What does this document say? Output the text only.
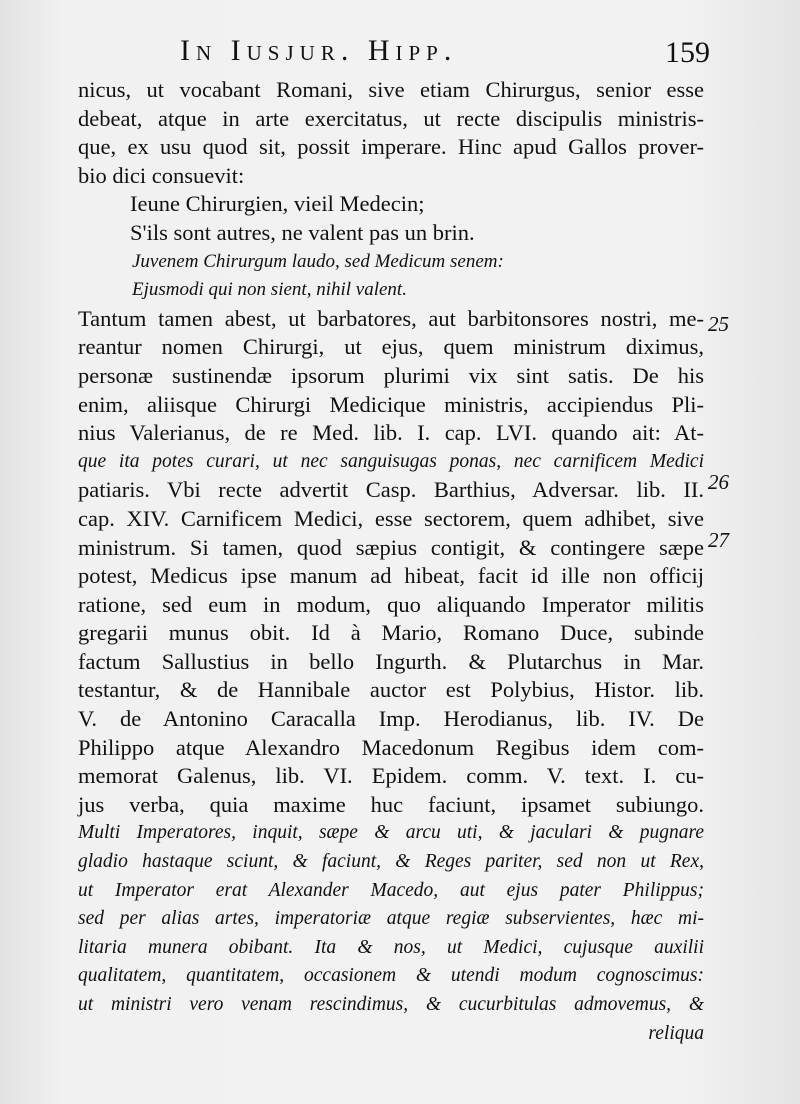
In Iusjur. Hipp.	159
nicus, ut vocabant Romani, sive etiam Chirurgus, senior esse
debeat, atque in arte exercitatus, ut recte discipulis ministris-
que, ex usu quod sit, possit imperare. Hinc apud Gallos prover-
bio dici consuevit:
Ieune Chirurgien, vieil Medecin;
S'ils sont autres, ne valent pas un brin.
Juvenem Chirurgum laudo, sed Medicum senem:
Ejusmodi qui non sient, nihil valent.
Tantum tamen abest, ut barbatores, aut barbitonsores nostri, me-
reantur nomen Chirurgi, ut ejus, quem ministrum diximus,
personæ sustinendæ ipsorum plurimi vix sint satis. De his
enim, aliisque Chirurgi Medicique ministris, accipiendus Pli-
nius Valerianus, de re Med. lib. I. cap. LVI. quando ait: At-
que ita potes curari, ut nec sanguisugas ponas, nec carnificem Medici
patiaris. Vbi recte advertit Casp. Barthius, Adversar. lib. II.
cap. XIV. Carnificem Medici, esse sectorem, quem adhibet, sive
ministrum. Si tamen, quod sæpius contigit, & contingere sæpe
potest, Medicus ipse manum ad hibeat, facit id ille non officij
ratione, sed eum in modum, quo aliquando Imperator militis
gregarii munus obit. Id à Mario, Romano Duce, subinde
factum Sallustius in bello Ingurth. & Plutarchus in Mar.
testantur, & de Hannibale auctor est Polybius, Histor. lib.
V. de Antonino Caracalla Imp. Herodianus, lib. IV. De
Philippo atque Alexandro Macedonum Regibus idem com-
memorat Galenus, lib. VI. Epidem. comm. V. text. I. cu-
jus verba, quia maxime huc faciunt, ipsamet subiungo.
Multi Imperatores, inquit, sæpe & arcu uti, & jaculari & pugnare
gladio hastaque sciunt, & faciunt, & Reges pariter, sed non ut Rex,
ut Imperator erat Alexander Macedo, aut ejus pater Philippus;
sed per alias artes, imperatoriæ atque regiæ subservientes, hæc mi-
litaria munera obibant. Ita & nos, ut Medici, cujusque auxilii
qualitatem, quantitatem, occasionem & utendi modum cognoscimus:
ut ministri vero venam rescindimus, & cucurbitulas admovemus, &
reliqua
25
26
27
